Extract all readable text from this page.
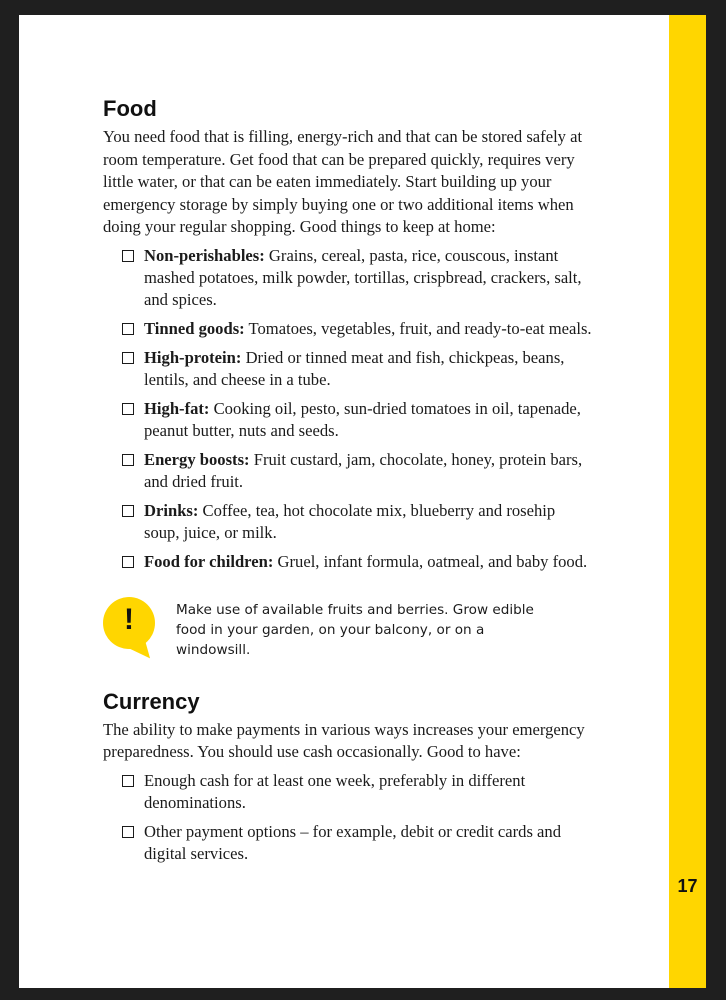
17
Food

You need food that is filling, energy-rich and that can be stored safely at room temperature. Get food that can be prepared quickly, requires very little water, or that can be eaten immediately. Start building up your emergency storage by simply buying one or two additional items when doing your regular shopping. Good things to keep at home:

Non-perishables: Grains, cereal, pasta, rice, couscous, instant mashed potatoes, milk powder, tortillas, crispbread, crackers, salt, and spices.
Tinned goods: Tomatoes, vegetables, fruit, and ready-to-eat meals.
High-protein: Dried or tinned meat and fish, chickpeas, beans, lentils, and cheese in a tube.
High-fat: Cooking oil, pesto, sun-dried tomatoes in oil, tapenade, peanut butter, nuts and seeds.
Energy boosts: Fruit custard, jam, chocolate, honey, protein bars, and dried fruit.
Drinks: Coffee, tea, hot chocolate mix, blueberry and rosehip soup, juice, or milk.
Food for children: Gruel, infant formula, oatmeal, and baby food.
!	Make use of available fruits and berries. Grow edible food in your garden, on your balcony, or on a windowsill.
Currency

The ability to make payments in various ways increases your emergency preparedness. You should use cash occasionally. Good to have:

Enough cash for at least one week, preferably in different denominations.
Other payment options – for example, debit or credit cards and digital services.
